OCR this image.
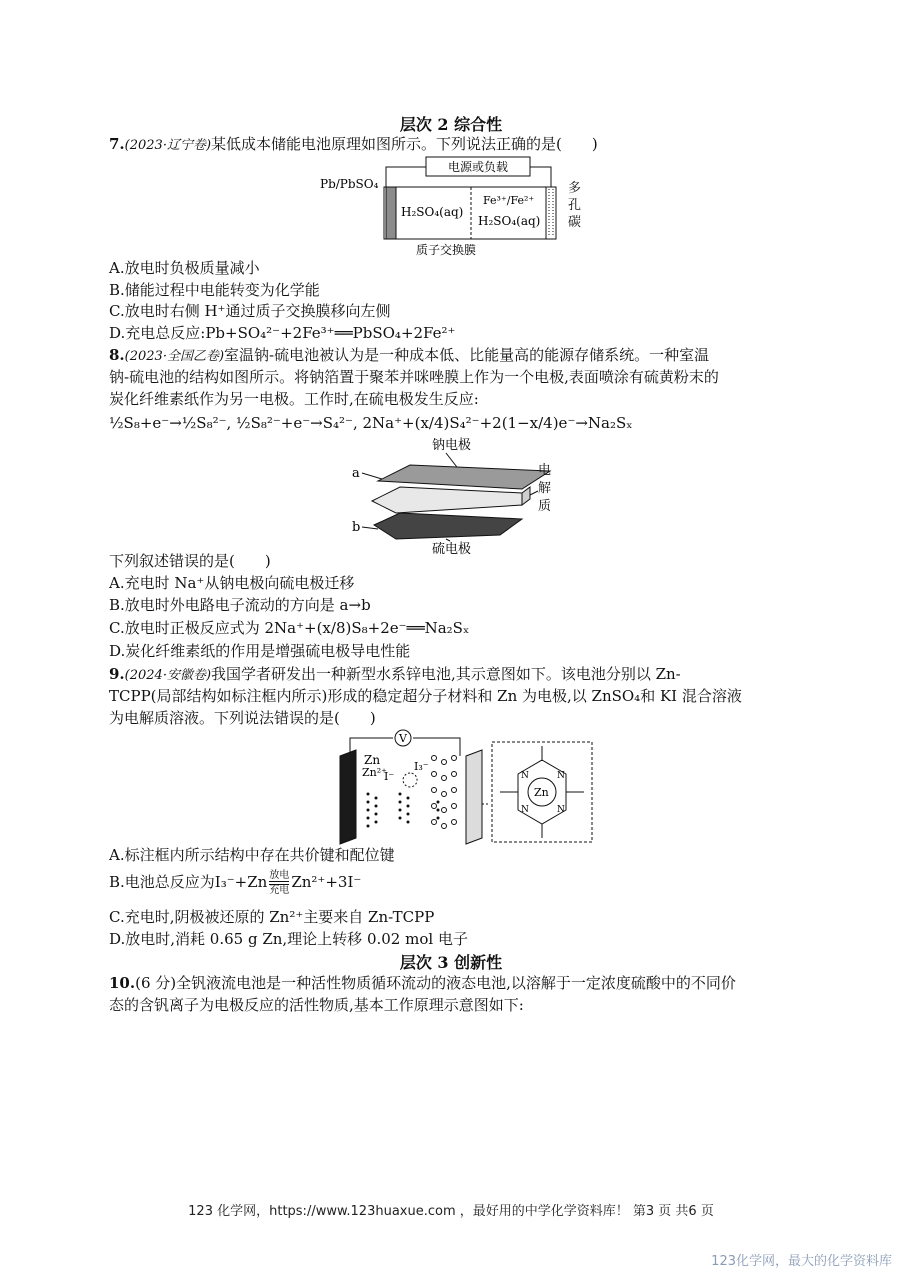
层次 2 综合性
7.(2023·辽宁卷)某低成本储能电池原理如图所示。下列说法正确的是(　　)
电源或负载
Pb/PbSO₄
H₂SO₄(aq)
Fe³⁺/Fe²⁺
H₂SO₄(aq)
质子交换膜
多孔碳
A.放电时负极质量减小
B.储能过程中电能转变为化学能
C.放电时右侧 H⁺通过质子交换膜移向左侧
D.充电总反应:Pb+SO₄²⁻+2Fe³⁺══PbSO₄+2Fe²⁺
8.(2023·全国乙卷)室温钠-硫电池被认为是一种成本低、比能量高的能源存储系统。一种室温
钠-硫电池的结构如图所示。将钠箔置于聚苯并咪唑膜上作为一个电极,表面喷涂有硫黄粉末的
炭化纤维素纸作为另一电极。工作时,在硫电极发生反应:
½S₈+e⁻→½S₈²⁻, ½S₈²⁻+e⁻→S₄²⁻, 2Na⁺+(x/4)S₄²⁻+2(1−x/4)e⁻→Na₂Sₓ
钠电极
a
b
硫电极
电解质
下列叙述错误的是(　　)
A.充电时 Na⁺从钠电极向硫电极迁移
B.放电时外电路电子流动的方向是 a→b
C.放电时正极反应式为 2Na⁺+(x/8)S₈+2e⁻══Na₂Sₓ
D.炭化纤维素纸的作用是增强硫电极导电性能
9.(2024·安徽卷)我国学者研发出一种新型水系锌电池,其示意图如下。该电池分别以 Zn-
TCPP(局部结构如标注框内所示)形成的稳定超分子材料和 Zn 为电极,以 ZnSO₄和 KI 混合溶液
为电解质溶液。下列说法错误的是(　　)
V
Zn
Zn²⁺
I⁻
I₃⁻
Zn
N	N
N	N
A.标注框内所示结构中存在共价键和配位键
B.电池总反应为I₃⁻+Zn 放电
充电 Zn²⁺+3I⁻
C.充电时,阴极被还原的 Zn²⁺主要来自 Zn-TCPP
D.放电时,消耗 0.65 g Zn,理论上转移 0.02 mol 电子
层次 3 创新性
10.(6 分)全钒液流电池是一种活性物质循环流动的液态电池,以溶解于一定浓度硫酸中的不同价
态的含钒离子为电极反应的活性物质,基本工作原理示意图如下:
123 化学网，https://www.123huaxue.com ，最好用的中学化学资料库！ 第3 页 共6 页
123化学网，最大的化学资料库
